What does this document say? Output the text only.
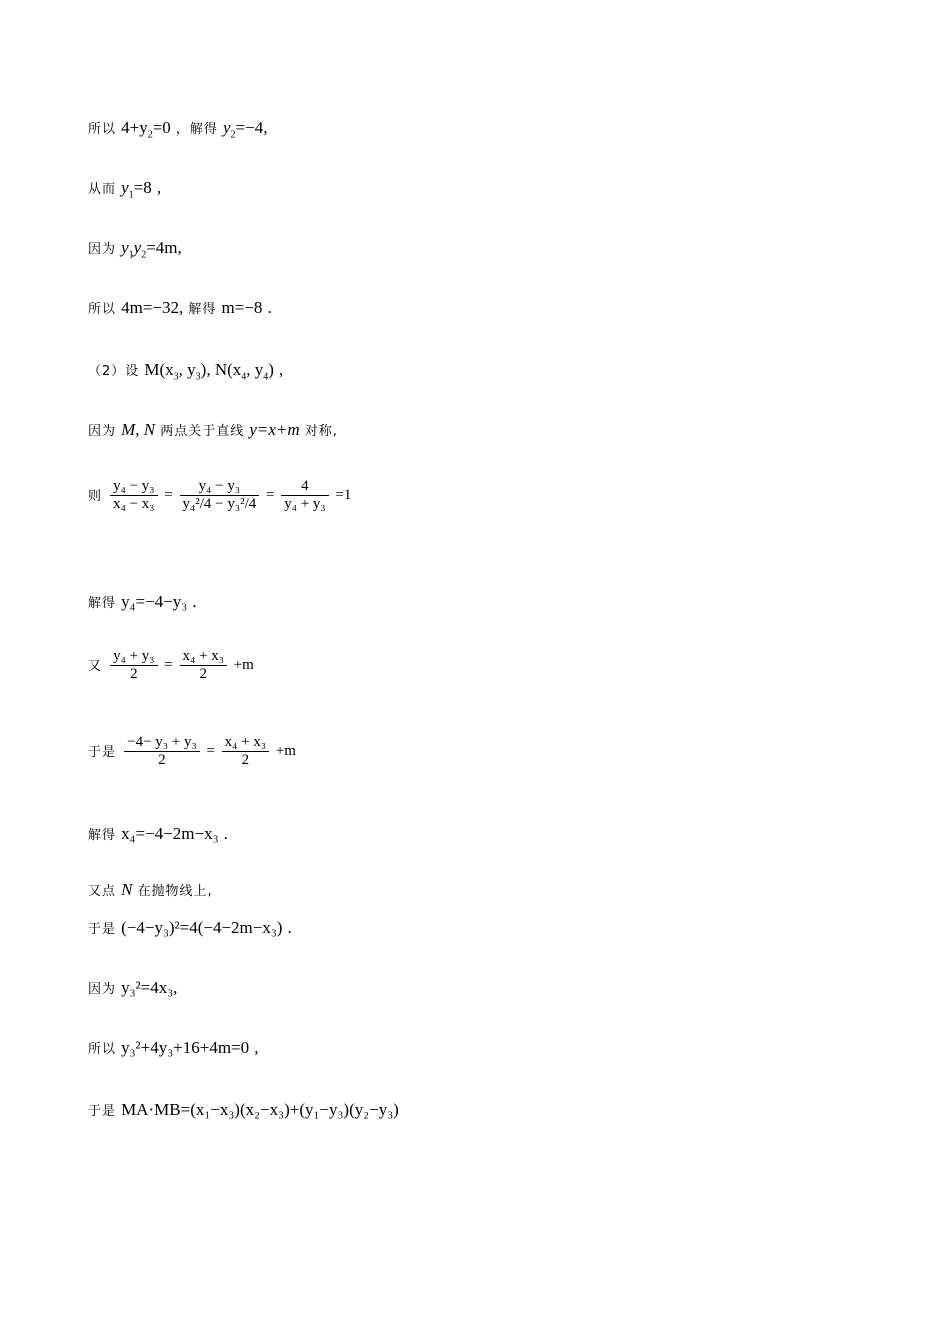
所以 $4+y_2=0$ ，解得 $y_2=-4$,
从而 $y_1=8$ ,
因为 $y_1y_2=4m$,
所以 4m=−32, 解得 m=−8 .
（2）设 $M(x_3$, $y_3$), $N(x_4$, $y_4$) ,
因为 M, N 两点关于直线 y=x+m 对称,
则 $\frac{\text{y₄ − y₃}}{\text{x₄ − x₃}} = \frac{\text{y₄ − y₃}}{\text{y₄²/4 − y₃²/4}} = \frac{4}{\text{y₄ + y₃}} =1$
解得 y₄=−4−y₃ .
又 $\frac{\text{y₄ + y₃}}{2} = \frac{\text{x₄ + x₃}}{2} +m$
于是 $\frac{\text{−4− y₃ + y₃}}{2} = \frac{\text{x₄ + x₃}}{2} +m$
解得 x₄=−4−2m−x₃ .
又点 N 在抛物线上,
于是 (−4−y₃)²=4(−4−2m−x₃) .
因为 y₃²=4x₃,
所以 y₃²+4y₃+16+4m=0 ,
于是 MA·MB=(x₁−x₃)(x₂−x₃)+(y₁−y₃)(y₂−y₃)
